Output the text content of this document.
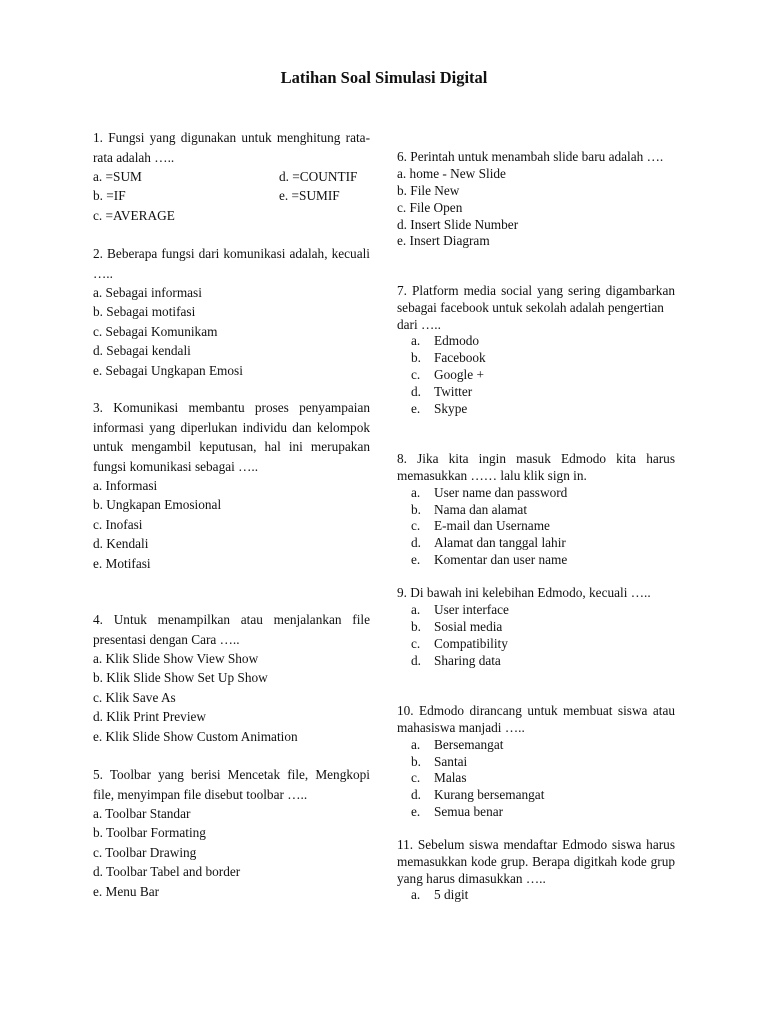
Latihan Soal Simulasi Digital
1. Fungsi yang digunakan untuk menghitung rata-rata adalah …..
a. =SUM	d. =COUNTIF
b. =IF	e. =SUMIF
c. =AVERAGE
2. Beberapa fungsi dari komunikasi adalah, kecuali …..
a. Sebagai informasi
b. Sebagai motifasi
c. Sebagai Komunikam
d. Sebagai kendali
e. Sebagai Ungkapan Emosi
3. Komunikasi membantu proses penyampaian informasi yang diperlukan individu dan kelompok untuk mengambil keputusan, hal ini merupakan fungsi komunikasi sebagai …..
a. Informasi
b. Ungkapan Emosional
c. Inofasi
d. Kendali
e. Motifasi
4. Untuk menampilkan atau menjalankan file presentasi dengan Cara …..
a. Klik Slide Show View Show
b. Klik Slide Show Set Up Show
c. Klik Save As
d. Klik Print Preview
e. Klik Slide Show Custom Animation
5. Toolbar yang berisi Mencetak file, Mengkopi file, menyimpan file disebut toolbar …..
a. Toolbar Standar
b. Toolbar Formating
c. Toolbar Drawing
d. Toolbar Tabel and border
e. Menu Bar
6. Perintah untuk menambah slide baru adalah ….
a. home - New Slide
b. File New
c. File Open
d. Insert Slide Number
e. Insert Diagram
7. Platform media social yang sering digambarkan sebagai facebook untuk sekolah adalah pengertian
dari …..
a. Edmodo
b. Facebook
c. Google +
d. Twitter
e. Skype
8. Jika kita ingin masuk Edmodo kita harus memasukkan …… lalu klik sign in.
a. User name dan password
b. Nama dan alamat
c. E-mail dan Username
d. Alamat dan tanggal lahir
e. Komentar dan user name
9. Di bawah ini kelebihan Edmodo, kecuali …..
a. User interface
b. Sosial media
c. Compatibility
d. Sharing data
10. Edmodo dirancang untuk membuat siswa atau mahasiswa manjadi …..
a. Bersemangat
b. Santai
c. Malas
d. Kurang bersemangat
e. Semua benar
11. Sebelum siswa mendaftar Edmodo siswa harus memasukkan kode grup. Berapa digitkah kode grup yang harus dimasukkan …..
a. 5 digit
